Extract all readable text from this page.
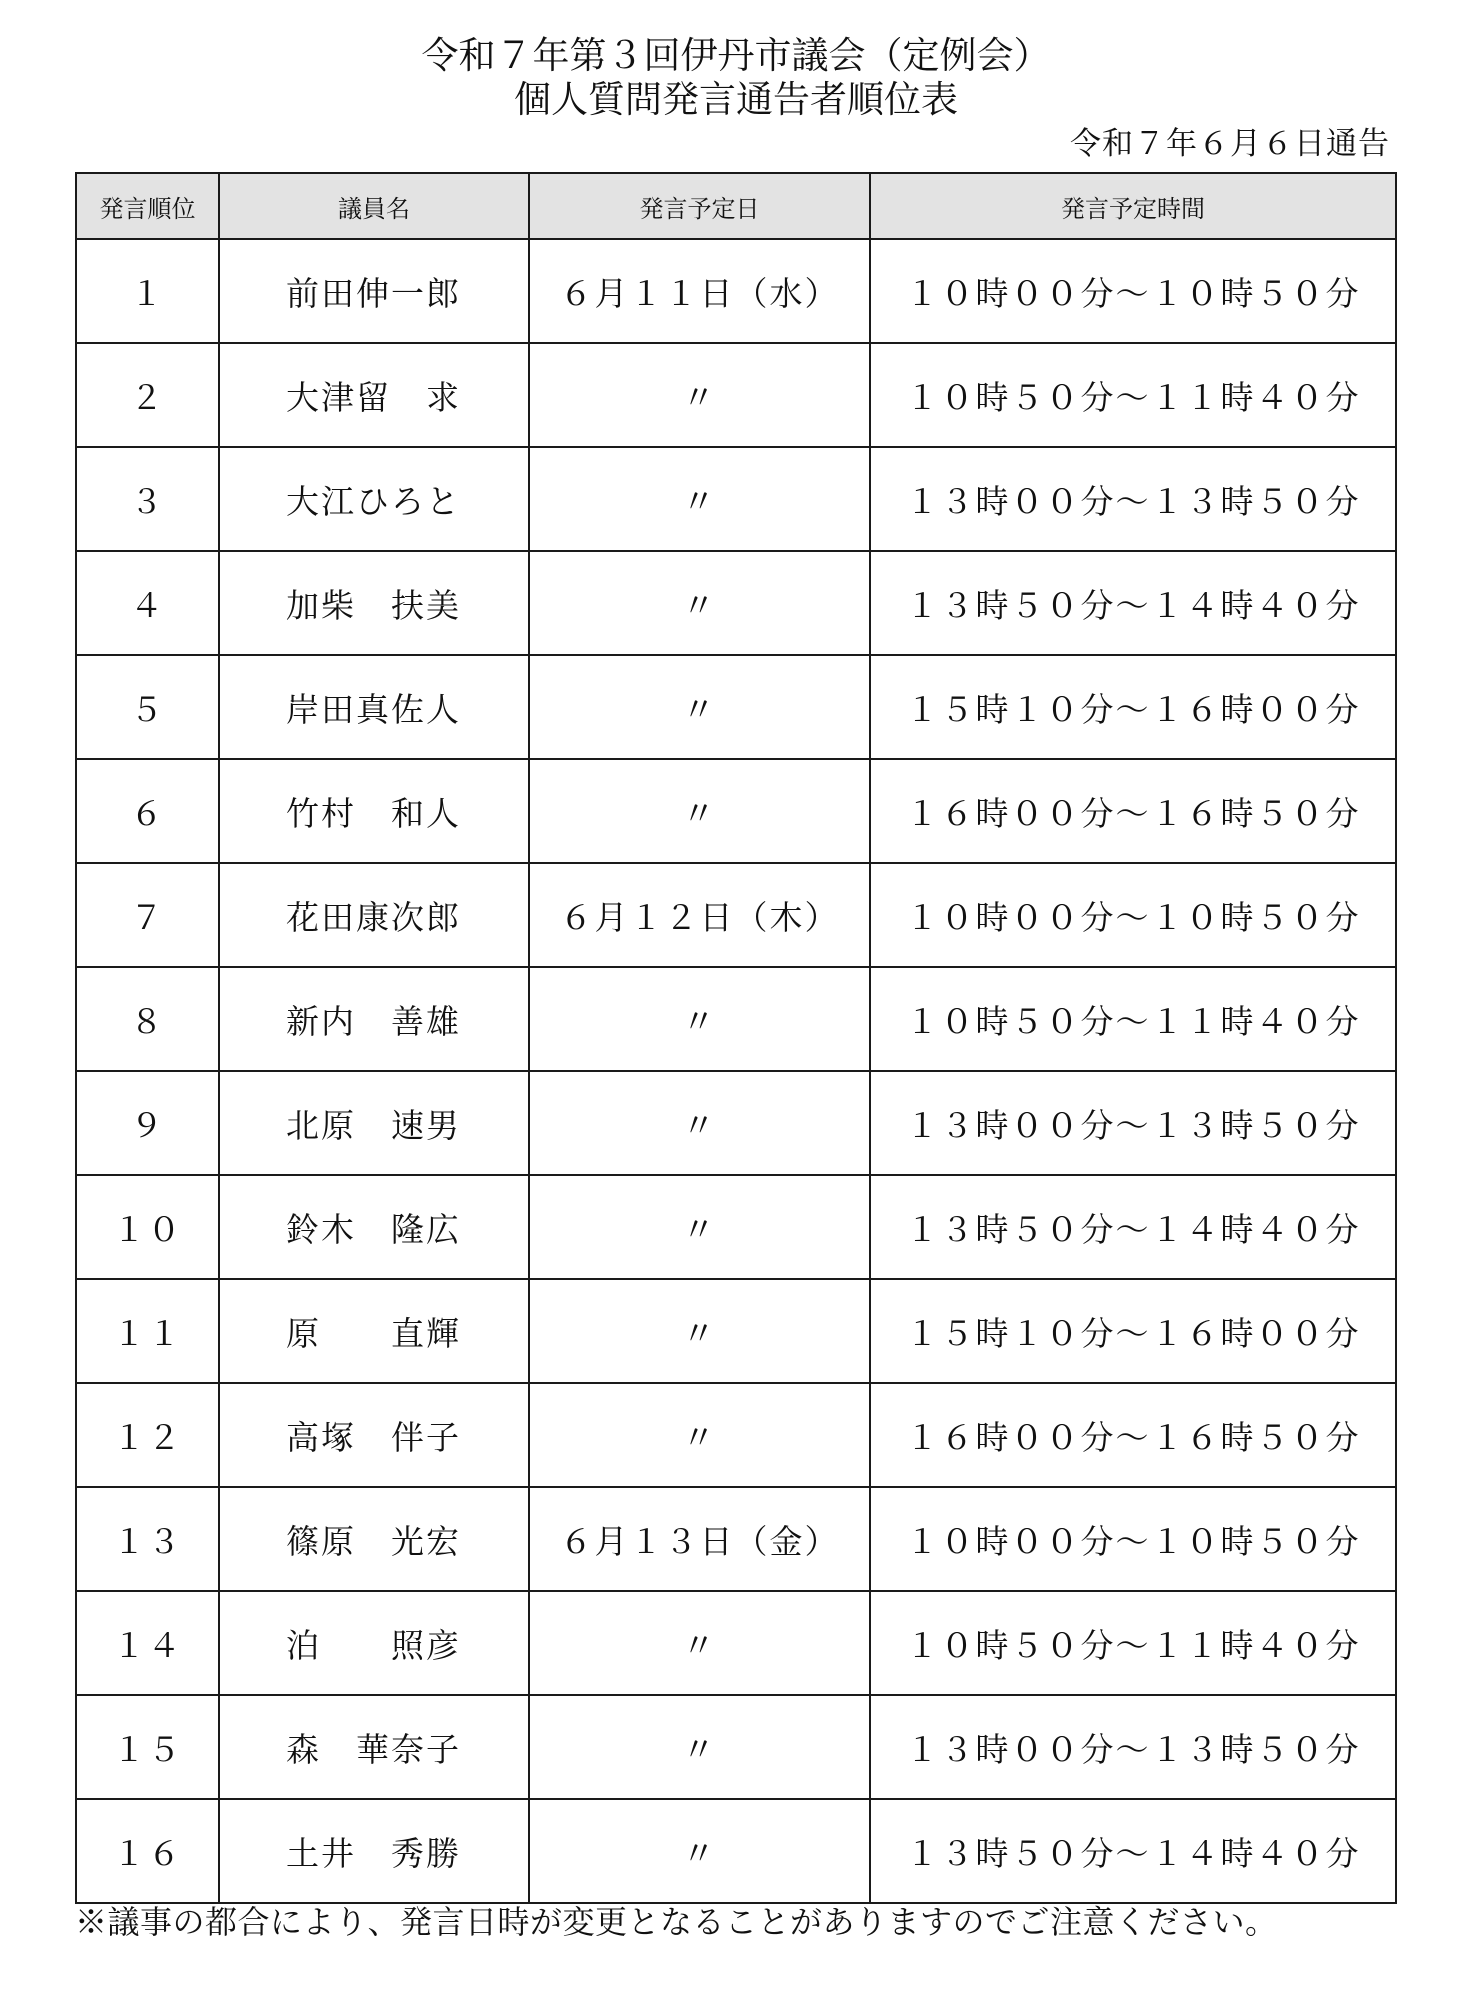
令和７年第３回伊丹市議会（定例会）
個人質問発言通告者順位表
令和７年６月６日通告
発言順位	議員名	発言予定日	発言予定時間
１	前田伸一郎	６月１１日（水）	１０時００分～１０時５０分
２	大津留　求	〃	１０時５０分～１１時４０分
３	大江ひろと	〃	１３時００分～１３時５０分
４	加柴　扶美	〃	１３時５０分～１４時４０分
５	岸田真佐人	〃	１５時１０分～１６時００分
６	竹村　和人	〃	１６時００分～１６時５０分
７	花田康次郎	６月１２日（木）	１０時００分～１０時５０分
８	新内　善雄	〃	１０時５０分～１１時４０分
９	北原　速男	〃	１３時００分～１３時５０分
１０	鈴木　隆広	〃	１３時５０分～１４時４０分
１１	原　　直輝	〃	１５時１０分～１６時００分
１２	高塚　伴子	〃	１６時００分～１６時５０分
１３	篠原　光宏	６月１３日（金）	１０時００分～１０時５０分
１４	泊　　照彦	〃	１０時５０分～１１時４０分
１５	森　華奈子	〃	１３時００分～１３時５０分
１６	土井　秀勝	〃	１３時５０分～１４時４０分
※議事の都合により、発言日時が変更となることがありますのでご注意ください。
